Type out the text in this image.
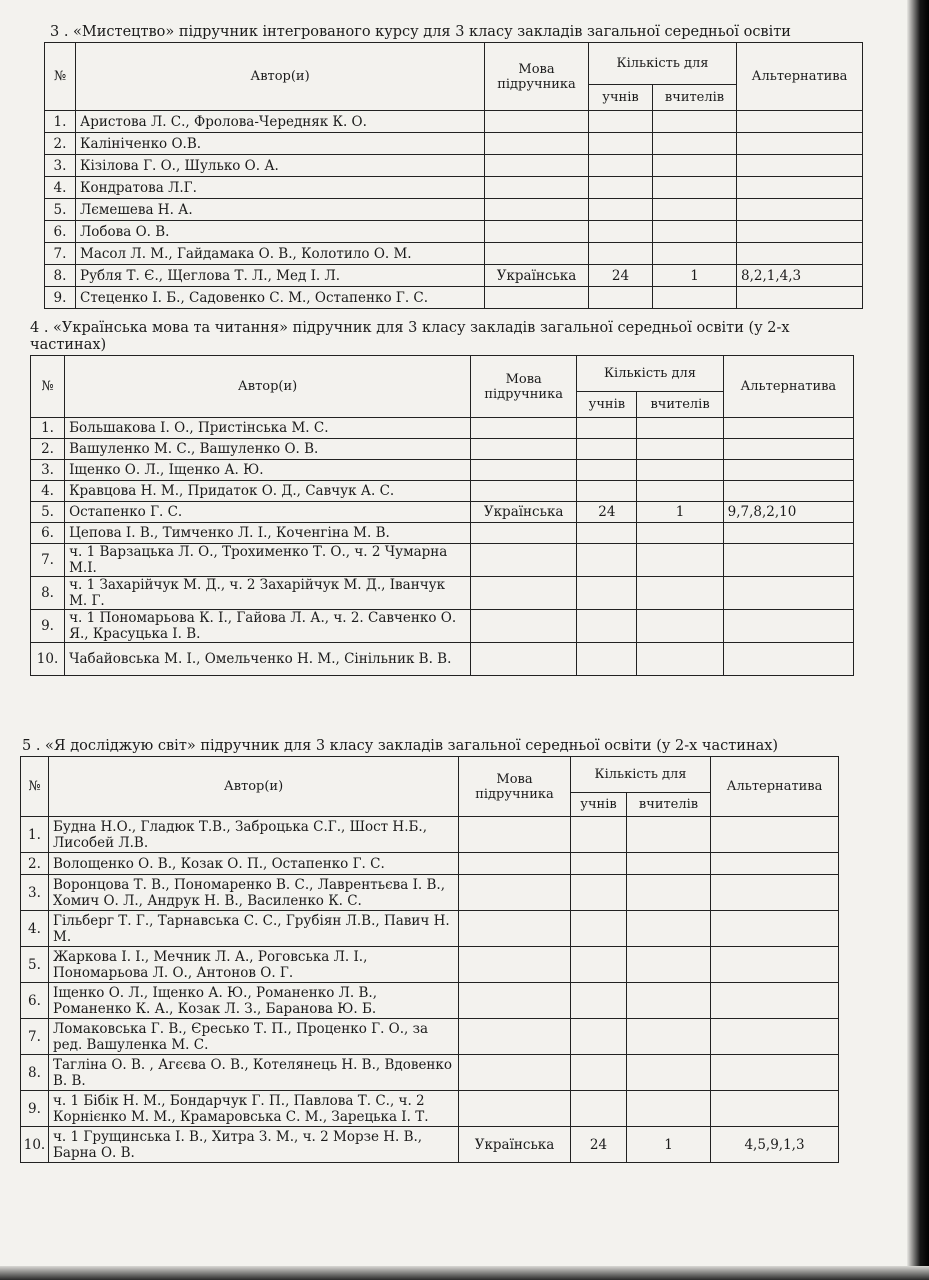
3 . «Мистецтво» підручник інтегрованого курсу для 3 класу закладів загальної середньої освіти
№	Автор(и)	Мова підручника	Кількість для		Альтернатива
			учнів	вчителів	
1.	Аристова Л. С., Фролова-Чередняк К. О.				
2.	Калініченко О.В.				
3.	Кізілова Г. О., Шулько О. А.				
4.	Кондратова Л.Г.				
5.	Лємешева Н. А.				
6.	Лобова О. В.				
7.	Масол Л. М., Гайдамака О. В., Колотило О. М.				
8.	Рубля Т. Є., Щеглова Т. Л., Мед І. Л.	Українська	24	1	8,2,1,4,3
9.	Стеценко І. Б., Садовенко С. М., Остапенко Г. С.				
4 . «Українська мова та читання» підручник для 3 класу закладів загальної середньої освіти (у 2-х частинах)
№	Автор(и)	Мова підручника	Кількість для		Альтернатива
			учнів	вчителів	
1.	Большакова І. О., Пристінська М. С.				
2.	Вашуленко М. С., Вашуленко О. В.				
3.	Іщенко О. Л., Іщенко А. Ю.				
4.	Кравцова Н. М., Придаток О. Д., Савчук А. С.				
5.	Остапенко Г. С.	Українська	24	1	9,7,8,2,10
6.	Цепова І. В., Тимченко Л. І., Коченгіна М. В.				
7.	ч. 1 Варзацька Л. О., Трохименко Т. О., ч. 2 Чумарна М.І.				
8.	ч. 1 Захарійчук М. Д., ч. 2 Захарійчук М. Д., Іванчук М. Г.				
9.	ч. 1 Пономарьова К. І., Гайова Л. А., ч. 2. Савченко О. Я., Красуцька І. В.				
10.	Чабайовська М. І., Омельченко Н. М., Сінільник В. В.				
5 . «Я досліджую світ» підручник для 3 класу закладів загальної середньої освіти (у 2-х частинах)
№	Автор(и)	Мова підручника	Кількість для		Альтернатива
			учнів	вчителів	
1.	Будна Н.О., Гладюк Т.В., Заброцька С.Г., Шост Н.Б., Лисобей Л.В.				
2.	Волощенко О. В., Козак О. П., Остапенко Г. С.				
3.	Воронцова Т. В., Пономаренко В. С., Лаврентьєва І. В., Хомич О. Л., Андрук Н. В., Василенко К. С.				
4.	Гільберг Т. Г., Тарнавська С. С., Грубіян Л.В., Павич Н. М.				
5.	Жаркова І. І., Мечник Л. А., Роговська Л. І., Пономарьова Л. О., Антонов О. Г.				
6.	Іщенко О. Л., Іщенко А. Ю., Романенко Л. В., Романенко К. А., Козак Л. З., Баранова Ю. Б.				
7.	Ломаковська Г. В., Єресько Т. П., Проценко Г. О., за ред. Вашуленка М. С.				
8.	Тагліна О. В. , Агєєва О. В., Котелянець Н. В., Вдовенко В. В.				
9.	ч. 1 Бібік Н. М., Бондарчук Г. П., Павлова Т. С., ч. 2 Корнієнко М. М., Крамаровська С. М., Зарецька І. Т.				
10.	ч. 1 Грущинська І. В., Хитра З. М., ч. 2 Морзе Н. В., Барна О. В.	Українська	24	1	4,5,9,1,3
